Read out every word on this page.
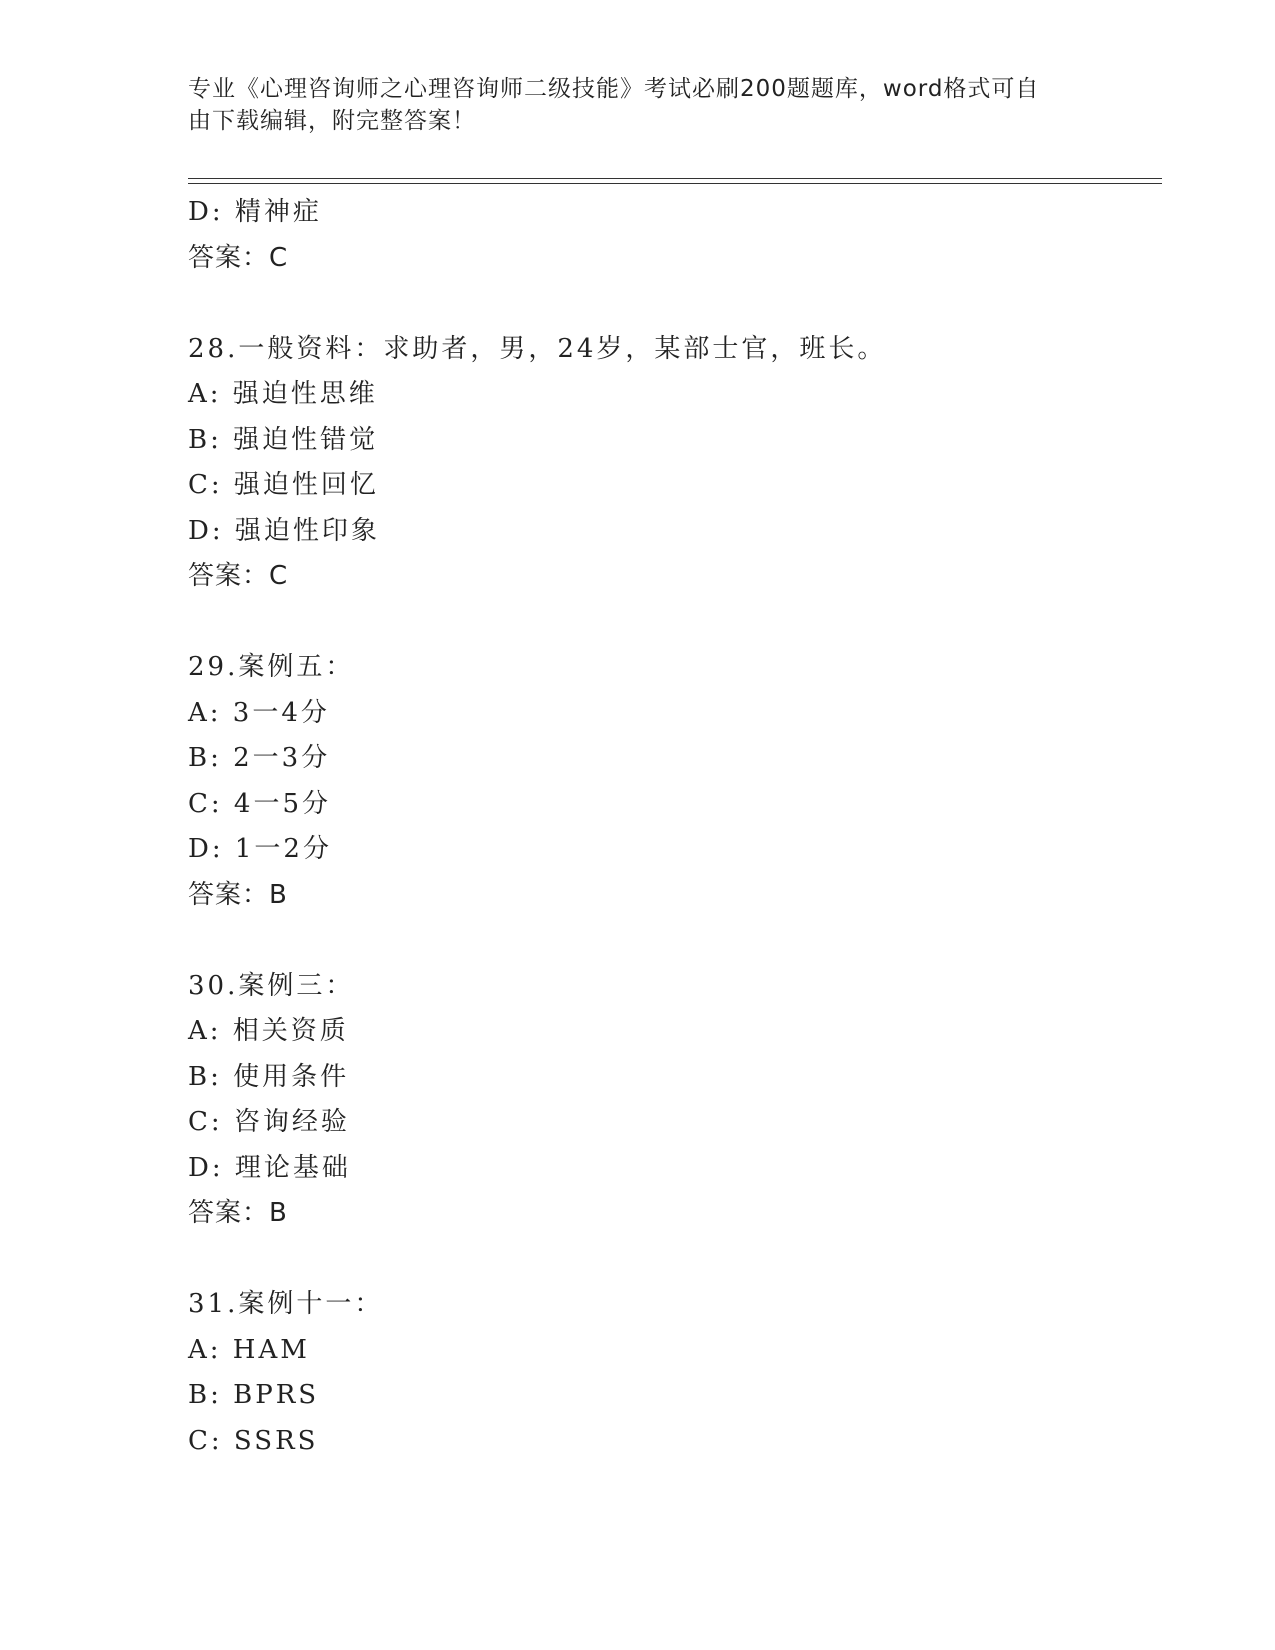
专业《心理咨询师之心理咨询师二级技能》考试必刷200题题库，word格式可自
由下载编辑，附完整答案！
D: 精神症
答案：C
28.一般资料：求助者，男，24岁，某部士官，班长。
A: 强迫性思维
B: 强迫性错觉
C: 强迫性回忆
D: 强迫性印象
答案：C
29.案例五：
A: 3一4分
B: 2一3分
C: 4一5分
D: 1一2分
答案：B
30.案例三：
A: 相关资质
B: 使用条件
C: 咨询经验
D: 理论基础
答案：B
31.案例十一：
A: HAM
B: BPRS
C: SSRS
